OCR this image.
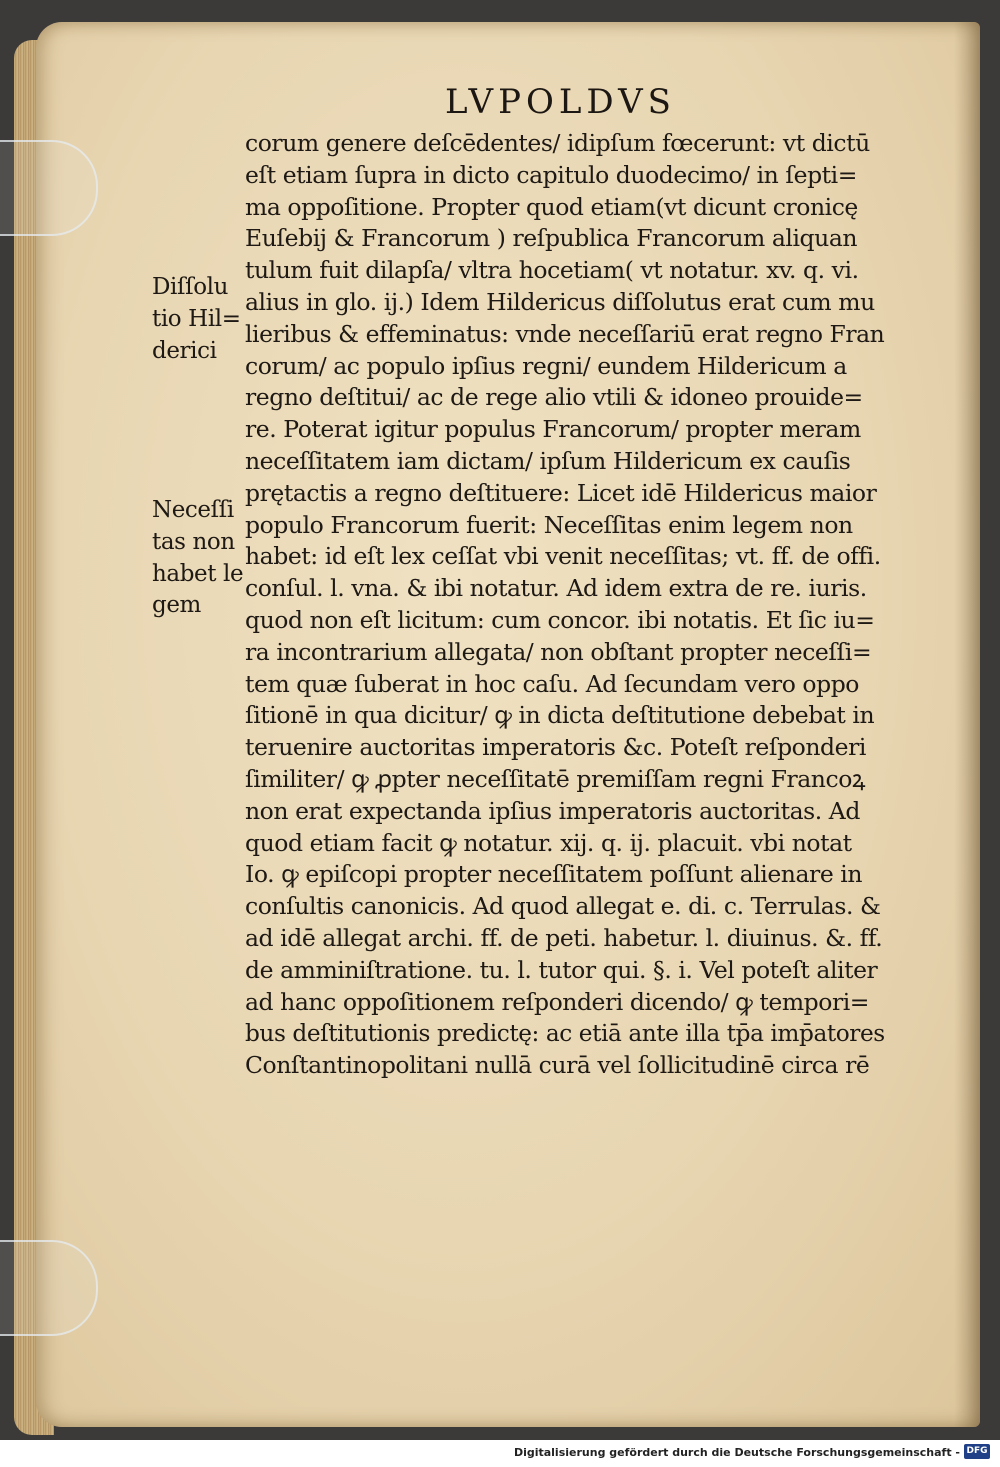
LVPOLDVS
Diſſolu
tio Hil=
derici
Neceſſi
tas non
habet le
gem
corum genere deſcēdentes/ idipſum fœcerunt: vt dictū
eſt etiam ſupra in dicto capitulo duodecimo/ in ſepti=
ma oppoſitione. Propter quod etiam(vt dicunt cronicę
Euſebij & Francorum ) reſpublica Francorum aliquan
tulum fuit dilapſa/ vltra hocetiam( vt notatur. xv. q. vi.
alius in glo. ij.) Idem Hildericus diſſolutus erat cum mu
lieribus & effeminatus: vnde neceſſariū erat regno Fran
corum/ ac populo ipſius regni/ eundem Hildericum a
regno deſtitui/ ac de rege alio vtili & idoneo prouide=
re. Poterat igitur populus Francorum/ propter meram
neceſſitatem iam dictam/ ipſum Hildericum ex cauſis
prętactis a regno deſtituere: Licet idē Hildericus maior
populo Francorum fuerit: Neceſſitas enim legem non
habet: id eſt lex ceſſat vbi venit neceſſitas; vt. ff. de offi.
conſul. l. vna. & ibi notatur. Ad idem extra de re. iuris.
quod non eſt licitum: cum concor. ibi notatis. Et ſic iu=
ra incontrarium allegata/ non obſtant propter neceſſi=
tem quæ ſuberat in hoc caſu. Ad ſecundam vero oppo
ſitionē in qua dicitur/ ꝙ in dicta deſtitutione debebat in
teruenire auctoritas imperatoris &c. Poteſt reſponderi
ſimiliter/ ꝙ ꝓpter neceſſitatē premiſſam regni Francoꝝ
non erat expectanda ipſius imperatoris auctoritas. Ad
quod etiam facit ꝙ notatur. xij. q. ij. placuit. vbi notat
Io. ꝙ epiſcopi propter neceſſitatem poſſunt alienare in
conſultis canonicis. Ad quod allegat e. di. c. Terrulas. &
ad idē allegat archi. ff. de peti. habetur. l. diuinus. &. ff.
de amminiſtratione. tu. l. tutor qui. §. i. Vel poteſt aliter
ad hanc oppoſitionem reſponderi dicendo/ ꝙ tempori=
bus deſtitutionis predictę: ac etiā ante illa tp̄a imp̄atores
Conſtantinopolitani nullā curā vel ſollicitudinē circa rē
Digitalisierung gefördert durch die Deutsche Forschungsgemeinschaft - DFG
